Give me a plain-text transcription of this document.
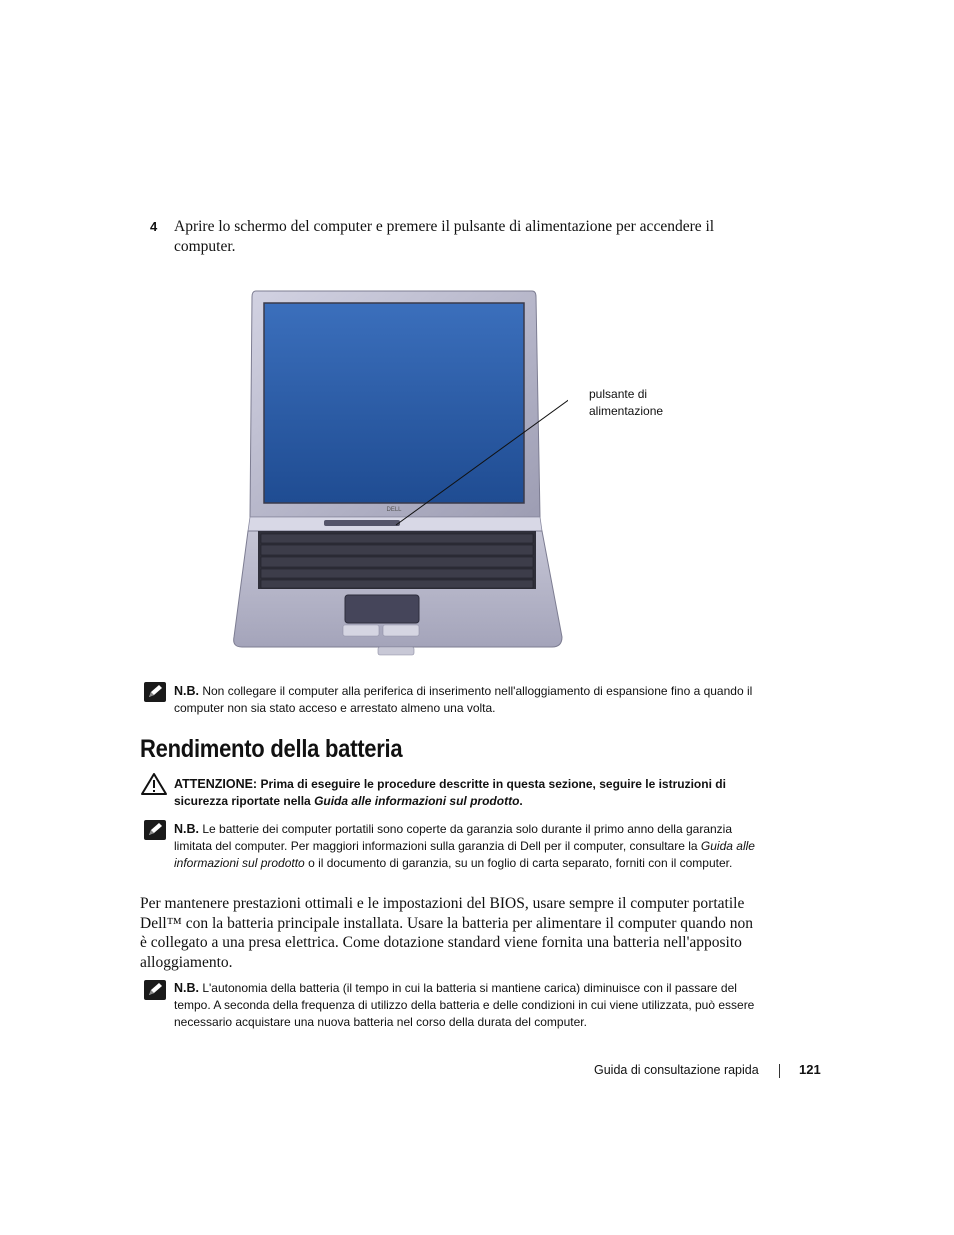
4 Aprire lo schermo del computer e premere il pulsante di alimentazione per accendere il computer.
DELL
pulsante di
alimentazione
N.B. Non collegare il computer alla periferica di inserimento nell'alloggiamento di espansione fino a quando il computer non sia stato acceso e arrestato almeno una volta.
Rendimento della batteria
ATTENZIONE: Prima di eseguire le procedure descritte in questa sezione, seguire le istruzioni di sicurezza riportate nella Guida alle informazioni sul prodotto.
N.B. Le batterie dei computer portatili sono coperte da garanzia solo durante il primo anno della garanzia limitata del computer. Per maggiori informazioni sulla garanzia di Dell per il computer, consultare la Guida alle informazioni sul prodotto o il documento di garanzia, su un foglio di carta separato, forniti con il computer.
Per mantenere prestazioni ottimali e le impostazioni del BIOS, usare sempre il computer portatile Dell™ con la batteria principale installata. Usare la batteria per alimentare il computer quando non è collegato a una presa elettrica. Come dotazione standard viene fornita una batteria nell'apposito alloggiamento.
N.B. L'autonomia della batteria (il tempo in cui la batteria si mantiene carica) diminuisce con il passare del tempo. A seconda della frequenza di utilizzo della batteria e delle condizioni in cui viene utilizzata, può essere necessario acquistare una nuova batteria nel corso della durata del computer.
Guida di consultazione rapida	121
